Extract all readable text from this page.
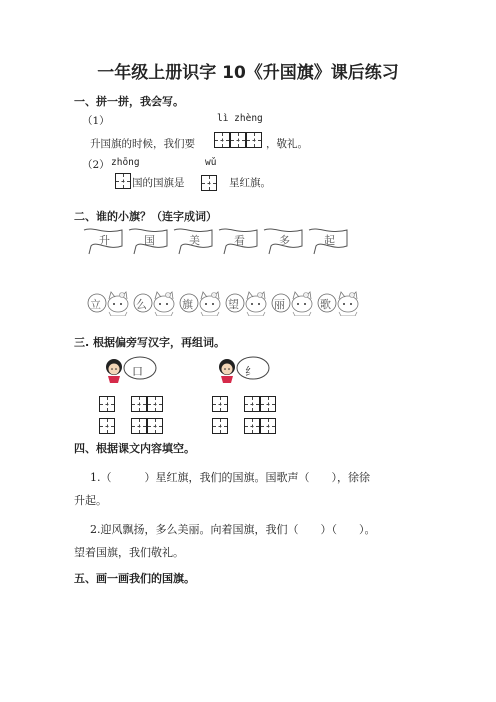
一年级上册识字 10《升国旗》课后练习
一、拼一拼，我会写。
（1）	lì zhèng
升国旗的时候，我们要	，敬礼。
（2） zhōng	wǔ
国的国旗是	星红旗。
二、谁的小旗？（连字成词）
升	国	美	看	多	起
立	么	旗	望	丽	歌
三. 根据偏旁写汉字，再组词。
口	纟
四、根据课文内容填空。
1.（　　　）星红旗，我们的国旗。国歌声（　　），徐徐
升起。
2.迎风飘扬，多么美丽。向着国旗，我们（　　）（　　）。
望着国旗，我们敬礼。
五、画一画我们的国旗。
